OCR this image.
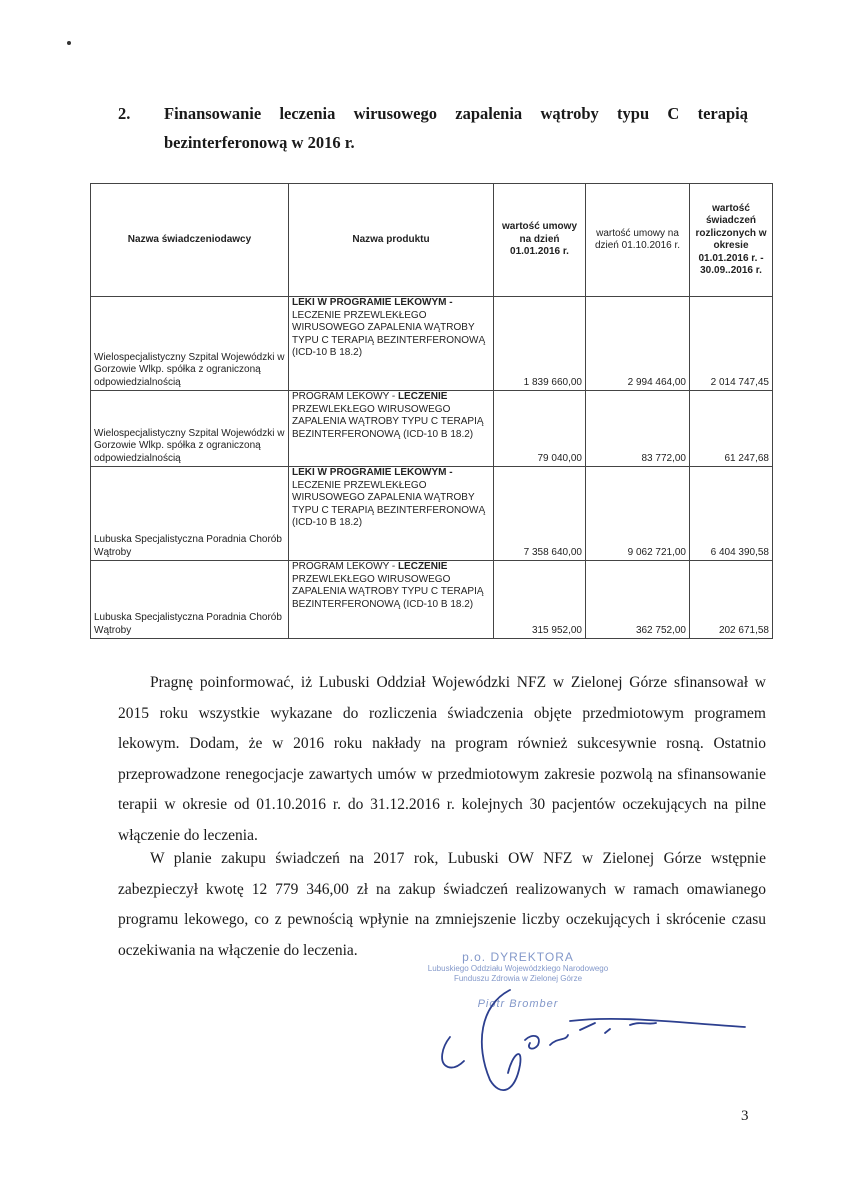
2. Finansowanie leczenia wirusowego zapalenia wątroby typu C terapią
bezinterferonową w 2016 r.
Nazwa świadczeniodawcy	Nazwa produktu	wartość umowy na dzień 01.01.2016 r.	wartość umowy na dzień 01.10.2016 r.	wartość świadczeń rozliczonych w okresie 01.01.2016 r. - 30.09..2016 r.
Wielospecjalistyczny Szpital Wojewódzki w Gorzowie Wlkp. spółka z ograniczoną odpowiedzialnością	LEKI W PROGRAMIE LEKOWYM - LECZENIE PRZEWLEKŁEGO WIRUSOWEGO ZAPALENIA WĄTROBY TYPU C TERAPIĄ BEZINTERFERONOWĄ (ICD-10 B 18.2)	1 839 660,00	2 994 464,00	2 014 747,45
Wielospecjalistyczny Szpital Wojewódzki w Gorzowie Wlkp. spółka z ograniczoną odpowiedzialnością	PROGRAM LEKOWY - LECZENIE PRZEWLEKŁEGO WIRUSOWEGO ZAPALENIA WĄTROBY TYPU C TERAPIĄ BEZINTERFERONOWĄ (ICD-10 B 18.2)	79 040,00	83 772,00	61 247,68
Lubuska Specjalistyczna Poradnia Chorób Wątroby	LEKI W PROGRAMIE LEKOWYM - LECZENIE PRZEWLEKŁEGO WIRUSOWEGO ZAPALENIA WĄTROBY TYPU C TERAPIĄ BEZINTERFERONOWĄ (ICD-10 B 18.2)	7 358 640,00	9 062 721,00	6 404 390,58
Lubuska Specjalistyczna Poradnia Chorób Wątroby	PROGRAM LEKOWY - LECZENIE PRZEWLEKŁEGO WIRUSOWEGO ZAPALENIA WĄTROBY TYPU C TERAPIĄ BEZINTERFERONOWĄ (ICD-10 B 18.2)	315 952,00	362 752,00	202 671,58
Pragnę poinformować, iż Lubuski Oddział Wojewódzki NFZ w Zielonej Górze sfinansował w 2015 roku wszystkie wykazane do rozliczenia świadczenia objęte przedmiotowym programem lekowym. Dodam, że w 2016 roku nakłady na program również sukcesywnie rosną. Ostatnio przeprowadzone renegocjacje zawartych umów w przedmiotowym zakresie pozwolą na sfinansowanie terapii w okresie od 01.10.2016 r. do 31.12.2016 r. kolejnych 30 pacjentów oczekujących na pilne włączenie do leczenia.
W planie zakupu świadczeń na 2017 rok, Lubuski OW NFZ w Zielonej Górze wstępnie zabezpieczył kwotę 12 779 346,00 zł na zakup świadczeń realizowanych w ramach omawianego programu lekowego, co z pewnością wpłynie na zmniejszenie liczby oczekujących i skrócenie czasu oczekiwania na włączenie do leczenia.	p.o. DYREKTORA
Lubuskiego Oddziału Wojewódzkiego Narodowego Funduszu Zdrowia w Zielonej Górze
Piotr Bromber
3
